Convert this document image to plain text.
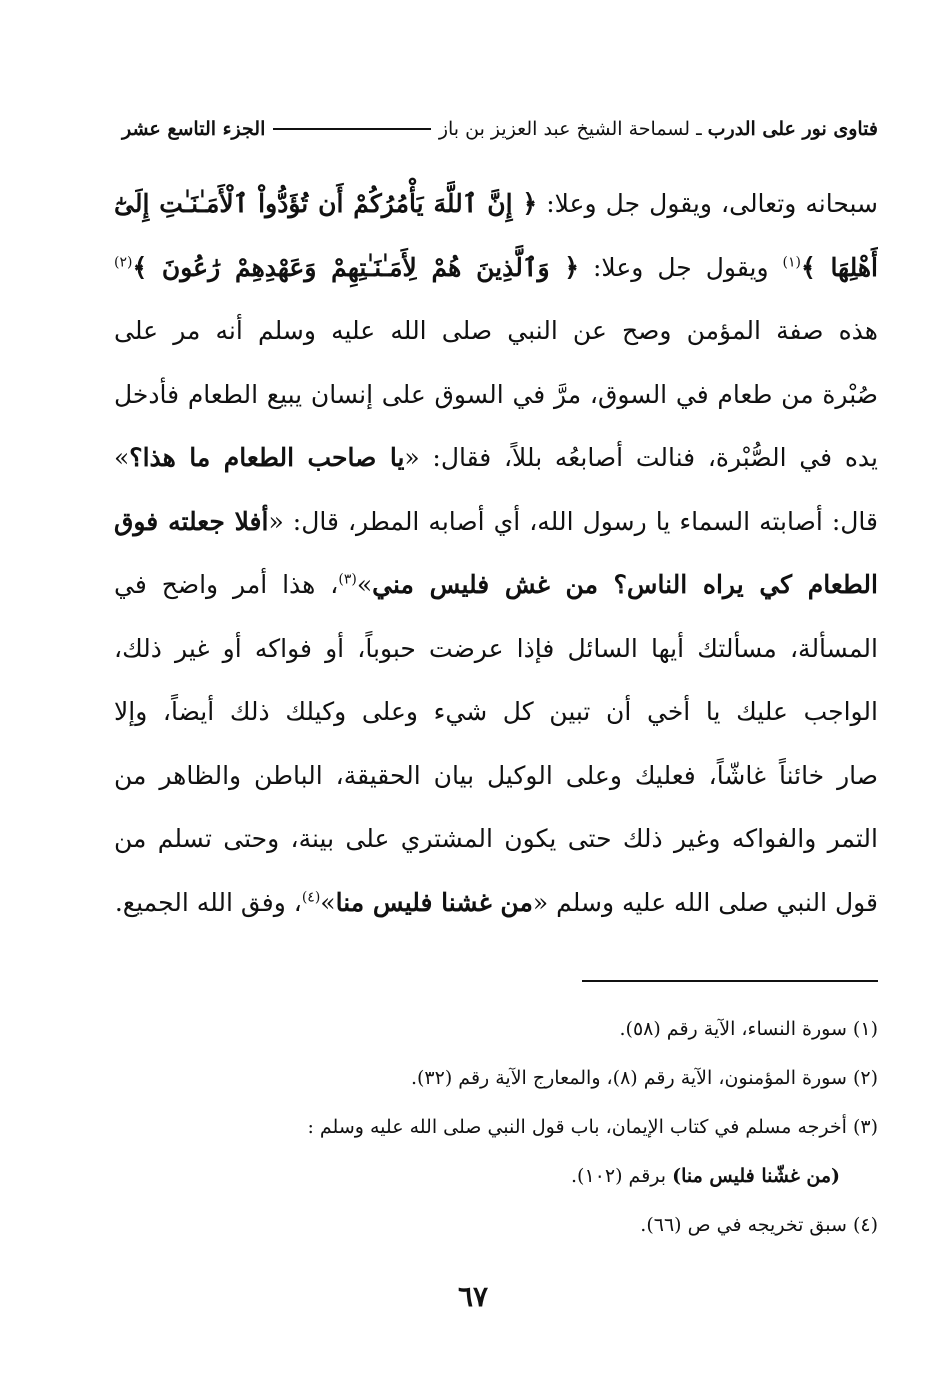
فتاوى نور على الدرب
ـ لسماحة الشيخ عبد العزيز بن باز
الجزء التاسع عشر
سبحانه وتعالى، ويقول جل وعلا: ﴿ إِنَّ ٱللَّهَ يَأْمُرُكُمْ أَن تُؤَدُّواْ ٱلْأَمَـٰنَـٰتِ إِلَىٰٓ
أَهْلِهَا ﴾$^{(١)}$ ويقول جل وعلا: ﴿ وَٱلَّذِينَ هُمْ لِأَمَـٰنَـٰتِهِمْ وَعَهْدِهِمْ رَٰعُونَ ﴾$^{(٢)}$
هذه صفة المؤمن وصح عن النبي صلى الله عليه وسلم أنه مر على
صُبْرة من طعام في السوق، مرَّ في السوق على إنسان يبيع الطعام فأدخل
يده في الصُّبْرة، فنالت أصابعُه بللاً، فقال: «يا صاحب الطعام ما هذا؟»
قال: أصابته السماء يا رسول الله، أي أصابه المطر، قال: «أفلا جعلته فوق
الطعام كي يراه الناس؟ من غش فليس مني»$^{(٣)}$، هذا أمر واضح في
المسألة، مسألتك أيها السائل فإذا عرضت حبوباً، أو فواكه أو غير ذلك،
الواجب عليك يا أخي أن تبين كل شيء وعلى وكيلك ذلك أيضاً، وإلا
صار خائناً غاشّاً، فعليك وعلى الوكيل بيان الحقيقة، الباطن والظاهر من
التمر والفواكه وغير ذلك حتى يكون المشتري على بينة، وحتى تسلم من
قول النبي صلى الله عليه وسلم «من غشنا فليس منا»$^{(٤)}$، وفق الله الجميع.
(١) سورة النساء، الآية رقم (٥٨).
(٢) سورة المؤمنون، الآية رقم (٨)، والمعارج الآية رقم (٣٢).
(٣) أخرجه مسلم في كتاب الإيمان، باب قول النبي صلى الله عليه وسلم :
(من غشّنا فليس منا) برقم (١٠٢).
(٤) سبق تخريجه في ص (٦٦).
٦٧
